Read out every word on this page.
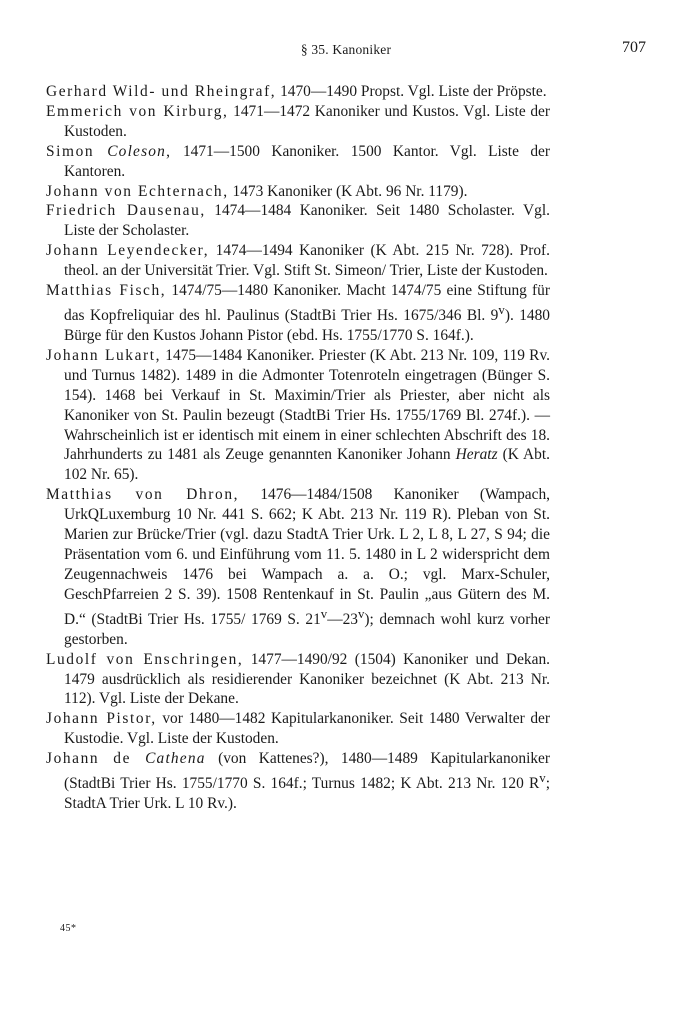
§ 35. Kanoniker	707

Gerhard Wild- und Rheingraf, 1470—1490 Propst. Vgl. Liste der Pröpste.

Emmerich von Kirburg, 1471—1472 Kanoniker und Kustos. Vgl. Liste der Kustoden.

Simon Coleson, 1471—1500 Kanoniker. 1500 Kantor. Vgl. Liste der Kantoren.

Johann von Echternach, 1473 Kanoniker (K Abt. 96 Nr. 1179).

Friedrich Dausenau, 1474—1484 Kanoniker. Seit 1480 Scholaster. Vgl. Liste der Scholaster.

Johann Leyendecker, 1474—1494 Kanoniker (K Abt. 215 Nr. 728). Prof. theol. an der Universität Trier. Vgl. Stift St. Simeon/ Trier, Liste der Kustoden.

Matthias Fisch, 1474/75—1480 Kanoniker. Macht 1474/75 eine Stiftung für das Kopfreliquiar des hl. Paulinus (StadtBi Trier Hs. 1675/346 Bl. 9$^v$). 1480 Bürge für den Kustos Johann Pistor (ebd. Hs. 1755/1770 S. 164f.).

Johann Lukart, 1475—1484 Kanoniker. Priester (K Abt. 213 Nr. 109, 119 Rv. und Turnus 1482). 1489 in die Admonter Totenroteln eingetragen (Bünger S. 154). 1468 bei Verkauf in St. Maximin/Trier als Priester, aber nicht als Kanoniker von St. Paulin bezeugt (StadtBi Trier Hs. 1755/1769 Bl. 274f.). — Wahrscheinlich ist er identisch mit einem in einer schlechten Abschrift des 18. Jahrhunderts zu 1481 als Zeuge genannten Kanoniker Johann Heratz (K Abt. 102 Nr. 65).

Matthias von Dhron, 1476—1484/1508 Kanoniker (Wampach, UrkQLuxemburg 10 Nr. 441 S. 662; K Abt. 213 Nr. 119 R). Pleban von St. Marien zur Brücke/Trier (vgl. dazu StadtA Trier Urk. L 2, L 8, L 27, S 94; die Präsentation vom 6. und Einführung vom 11. 5. 1480 in L 2 widerspricht dem Zeugennachweis 1476 bei Wampach a. a. O.; vgl. Marx-Schuler, GeschPfarreien 2 S. 39). 1508 Rentenkauf in St. Paulin „aus Gütern des M. D.“ (StadtBi Trier Hs. 1755/ 1769 S. 21$^v$—23$^v$); demnach wohl kurz vorher gestorben.

Ludolf von Enschringen, 1477—1490/92 (1504) Kanoniker und Dekan. 1479 ausdrücklich als residierender Kanoniker bezeichnet (K Abt. 213 Nr. 112). Vgl. Liste der Dekane.

Johann Pistor, vor 1480—1482 Kapitularkanoniker. Seit 1480 Verwalter der Kustodie. Vgl. Liste der Kustoden.

Johann de Cathena (von Kattenes?), 1480—1489 Kapitularkanoniker (StadtBi Trier Hs. 1755/1770 S. 164f.; Turnus 1482; K Abt. 213 Nr. 120 $R^v$; StadtA Trier Urk. L 10 Rv.).

45*
